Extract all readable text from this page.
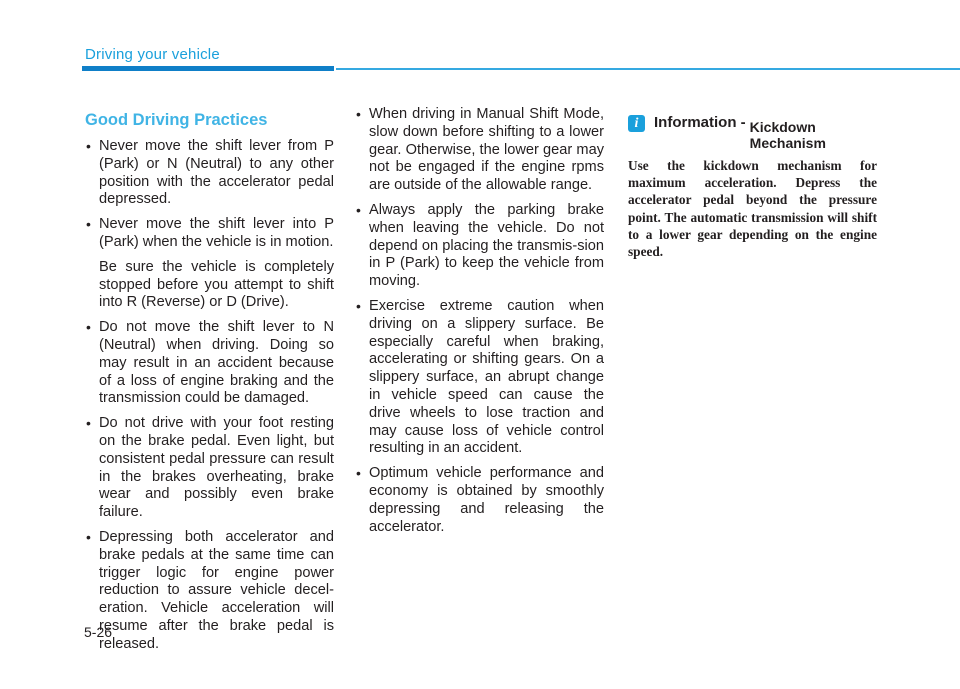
Driving your vehicle
Good Driving Practices
• Never move the shift lever from P (Park) or N (Neutral) to any other position with the accelerator pedal depressed.
• Never move the shift lever into P (Park) when the vehicle is in motion.

Be sure the vehicle is completely stopped before you attempt to shift into R (Reverse) or D (Drive).

• Do not move the shift lever to N (Neutral) when driving. Doing so may result in an accident because of a loss of engine braking and the transmission could be damaged.
• Do not drive with your foot resting on the brake pedal. Even light, but consistent pedal pressure can result in the brakes overheating, brake wear and possibly even brake failure.
• Depressing both accelerator and brake pedals at the same time can trigger logic for engine power reduction to assure vehicle decel-eration. Vehicle acceleration will resume after the brake pedal is released.
• When driving in Manual Shift Mode, slow down before shifting to a lower gear. Otherwise, the lower gear may not be engaged if the engine rpms are outside of the allowable range.
• Always apply the parking brake when leaving the vehicle. Do not depend on placing the transmis-sion in P (Park) to keep the vehicle from moving.
• Exercise extreme caution when driving on a slippery surface. Be especially careful when braking, accelerating or shifting gears. On a slippery surface, an abrupt change in vehicle speed can cause the drive wheels to lose traction and may cause loss of vehicle control resulting in an accident.
• Optimum vehicle performance and economy is obtained by smoothly depressing and releasing the accelerator.
i	Information - Kickdown
Mechanism
Use the kickdown mechanism for maximum acceleration. Depress the accelerator pedal beyond the pressure point. The automatic transmission will shift to a lower gear depending on the engine speed.
5-26
